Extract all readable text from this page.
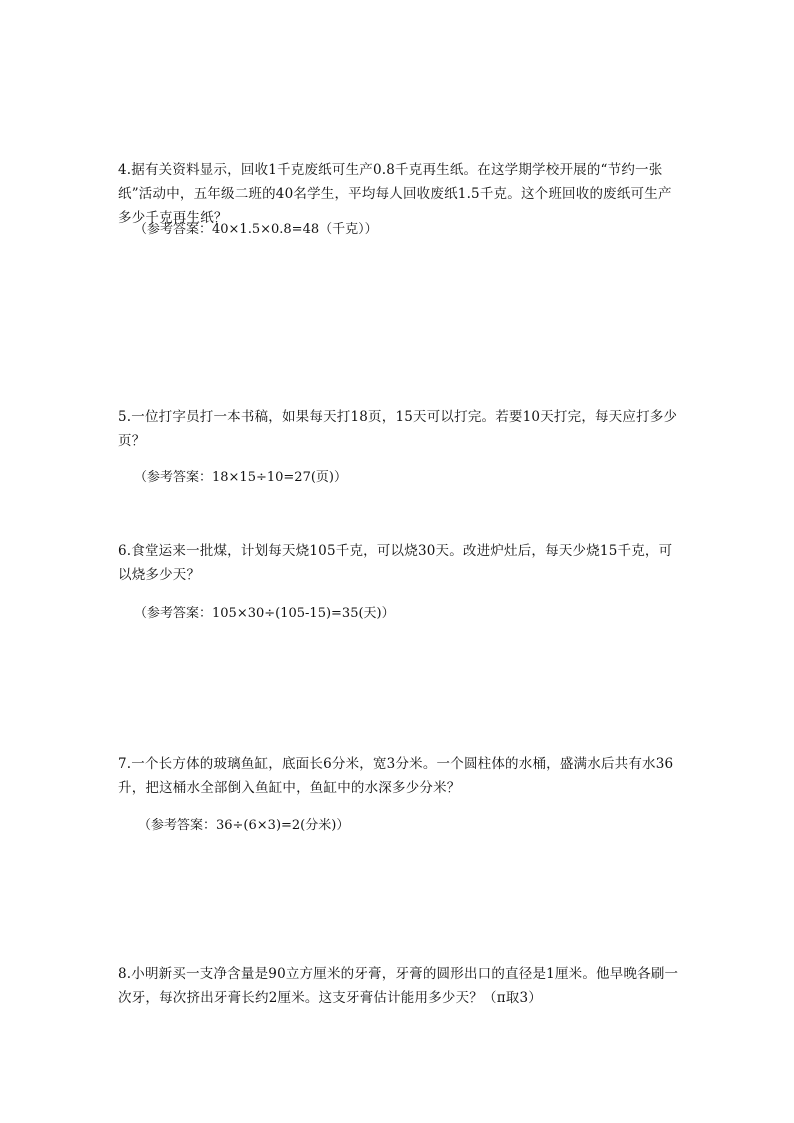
4.据有关资料显示，回收1千克废纸可生产0.8千克再生纸。在这学期学校开展的“节约一张纸”活动中，五年级二班的40名学生，平均每人回收废纸1.5千克。这个班回收的废纸可生产多少千克再生纸？

（参考答案：40×1.5×0.8=48（千克））

5.一位打字员打一本书稿，如果每天打18页，15天可以打完。若要10天打完，每天应打多少页？

（参考答案：18×15÷10=27(页)）

6.食堂运来一批煤，计划每天烧105千克，可以烧30天。改进炉灶后，每天少烧15千克，可以烧多少天？

（参考答案：105×30÷(105-15)=35(天)）

7.一个长方体的玻璃鱼缸，底面长6分米，宽3分米。一个圆柱体的水桶，盛满水后共有水36升，把这桶水全部倒入鱼缸中，鱼缸中的水深多少分米？

（参考答案：36÷(6×3)=2(分米)）

8.小明新买一支净含量是90立方厘米的牙膏，牙膏的圆形出口的直径是1厘米。他早晚各刷一次牙，每次挤出牙膏长约2厘米。这支牙膏估计能用多少天？（π取3）
